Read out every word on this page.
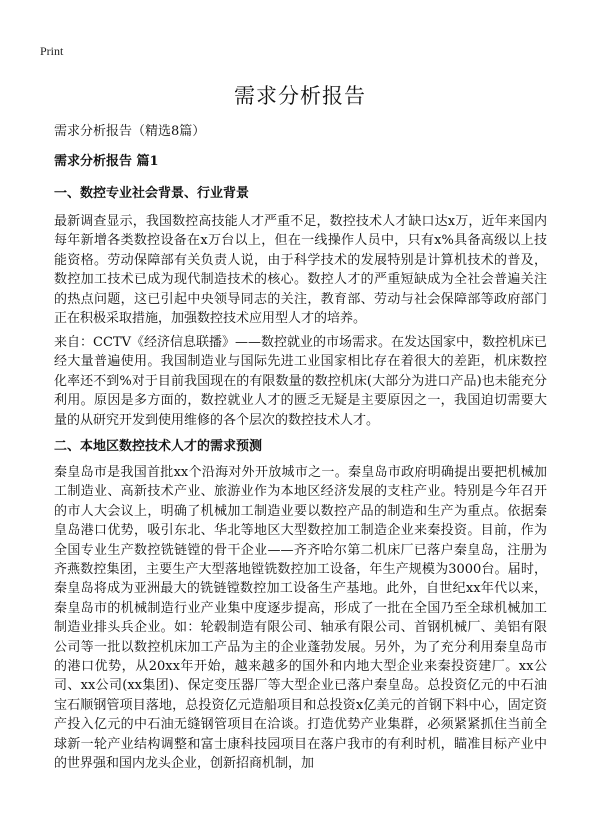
Print
需求分析报告
需求分析报告（精选8篇）
需求分析报告 篇1
一、数控专业社会背景、行业背景

最新调查显示，我国数控高技能人才严重不足，数控技术人才缺口达x万，近年来国内每年新增各类数控设备在x万台以上，但在一线操作人员中，只有x%具备高级以上技能资格。劳动保障部有关负责人说，由于科学技术的发展特别是计算机技术的普及，数控加工技术已成为现代制造技术的核心。数控人才的严重短缺成为全社会普遍关注的热点问题，这已引起中央领导同志的关注，教育部、劳动与社会保障部等政府部门正在积极采取措施，加强数控技术应用型人才的培养。

来自：CCTV《经济信息联播》——数控就业的市场需求。在发达国家中，数控机床已经大量普遍使用。我国制造业与国际先进工业国家相比存在着很大的差距，机床数控化率还不到%对于目前我国现在的有限数量的数控机床(大部分为进口产品)也未能充分利用。原因是多方面的，数控就业人才的匮乏无疑是主要原因之一，我国迫切需要大量的从研究开发到使用维修的各个层次的数控技术人才。

二、本地区数控技术人才的需求预测

秦皇岛市是我国首批xx个沿海对外开放城市之一。秦皇岛市政府明确提出要把机械加工制造业、高新技术产业、旅游业作为本地区经济发展的支柱产业。特别是今年召开的市人大会议上，明确了机械加工制造业要以数控产品的制造和生产为重点。依据秦皇岛港口优势，吸引东北、华北等地区大型数控加工制造企业来秦投资。目前，作为全国专业生产数控铣链镗的骨干企业——齐齐哈尔第二机床厂已落户秦皇岛，注册为齐燕数控集团，主要生产大型落地镗铣数控加工设备，年生产规模为3000台。届时，秦皇岛将成为亚洲最大的铣链镗数控加工设备生产基地。此外，自世纪xx年代以来，秦皇岛市的机械制造行业产业集中度逐步提高，形成了一批在全国乃至全球机械加工制造业排头兵企业。如：轮毂制造有限公司、轴承有限公司、首钢机械厂、美铝有限公司等一批以数控机床加工产品为主的企业蓬勃发展。另外，为了充分利用秦皇岛市的港口优势，从20xx年开始，越来越多的国外和内地大型企业来秦投资建厂。xx公司、xx公司(xx集团)、保定变压器厂等大型企业已落户秦皇岛。总投资亿元的中石油宝石顺钢管项目落地，总投资亿元造船项目和总投资x亿美元的首钢下料中心，固定资产投入亿元的中石油无缝钢管项目在洽谈。打造优势产业集群，必须紧紧抓住当前全球新一轮产业结构调整和富士康科技园项目在落户我市的有利时机，瞄准目标产业中的世界强和国内龙头企业，创新招商机制，加
